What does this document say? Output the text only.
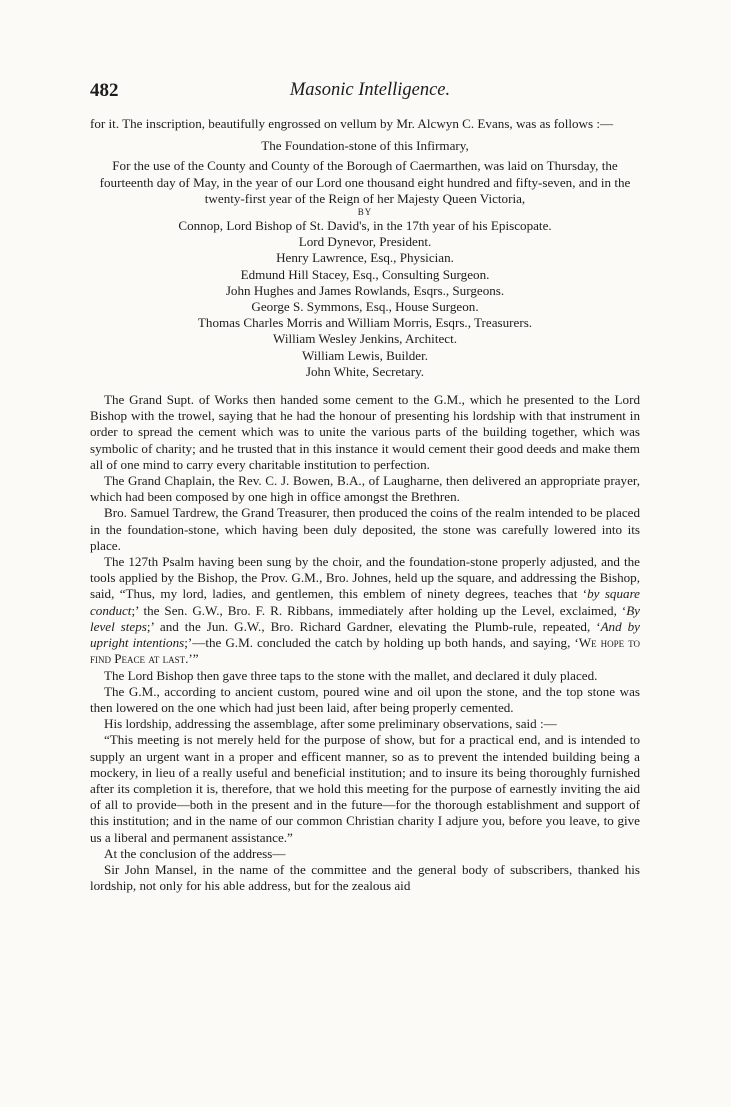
482	Masonic Intelligence.

for it. The inscription, beautifully engrossed on vellum by Mr. Alcwyn C. Evans, was as follows :—

The Foundation-stone of this Infirmary,
For the use of the County and County of the Borough of Caermarthen, was laid on Thursday, the fourteenth day of May, in the year of our Lord one thousand eight hundred and fifty-seven, and in the twenty-first year of the Reign of her Majesty Queen Victoria,
BY
Connop, Lord Bishop of St. David's, in the 17th year of his Episcopate.
Lord Dynevor, President.
Henry Lawrence, Esq., Physician.
Edmund Hill Stacey, Esq., Consulting Surgeon.
John Hughes and James Rowlands, Esqrs., Surgeons.
George S. Symmons, Esq., House Surgeon.
Thomas Charles Morris and William Morris, Esqrs., Treasurers.
William Wesley Jenkins, Architect.
William Lewis, Builder.
John White, Secretary.

The Grand Supt. of Works then handed some cement to the G.M., which he presented to the Lord Bishop with the trowel, saying that he had the honour of presenting his lordship with that instrument in order to spread the cement which was to unite the various parts of the building together, which was symbolic of charity; and he trusted that in this instance it would cement their good deeds and make them all of one mind to carry every charitable institution to perfection.

The Grand Chaplain, the Rev. C. J. Bowen, B.A., of Laugharne, then delivered an appropriate prayer, which had been composed by one high in office amongst the Brethren.

Bro. Samuel Tardrew, the Grand Treasurer, then produced the coins of the realm intended to be placed in the foundation-stone, which having been duly deposited, the stone was carefully lowered into its place.

The 127th Psalm having been sung by the choir, and the foundation-stone properly adjusted, and the tools applied by the Bishop, the Prov. G.M., Bro. Johnes, held up the square, and addressing the Bishop, said, “Thus, my lord, ladies, and gentlemen, this emblem of ninety degrees, teaches that ‘by square conduct;’ the Sen. G.W., Bro. F. R. Ribbans, immediately after holding up the Level, exclaimed, ‘By level steps;’ and the Jun. G.W., Bro. Richard Gardner, elevating the Plumb-rule, repeated, ‘And by upright intentions;’—the G.M. concluded the catch by holding up both hands, and saying, ‘We hope to find Peace at last.’”

The Lord Bishop then gave three taps to the stone with the mallet, and declared it duly placed.

The G.M., according to ancient custom, poured wine and oil upon the stone, and the top stone was then lowered on the one which had just been laid, after being properly cemented.

His lordship, addressing the assemblage, after some preliminary observations, said :—

“This meeting is not merely held for the purpose of show, but for a practical end, and is intended to supply an urgent want in a proper and efficent manner, so as to prevent the intended building being a mockery, in lieu of a really useful and beneficial institution; and to insure its being thoroughly furnished after its completion it is, therefore, that we hold this meeting for the purpose of earnestly inviting the aid of all to provide—both in the present and in the future—for the thorough establishment and support of this institution; and in the name of our common Christian charity I adjure you, before you leave, to give us a liberal and permanent assistance.”

At the conclusion of the address—

Sir John Mansel, in the name of the committee and the general body of subscribers, thanked his lordship, not only for his able address, but for the zealous aid
